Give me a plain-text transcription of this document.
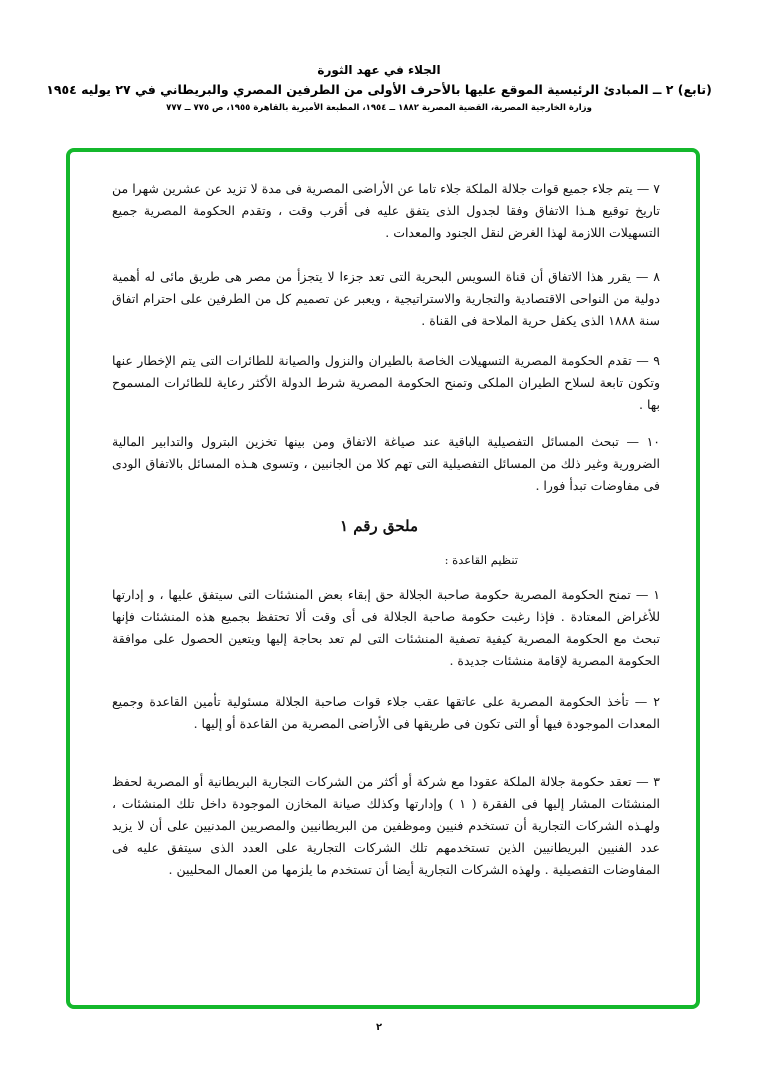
الجلاء في عهد الثورة
(تابع) ٢ ــ المبادئ الرئيسية الموقع عليها بالأحرف الأولى من الطرفين المصري والبريطاني في ٢٧ يوليه ١٩٥٤
وزارة الخارجية المصرية، القضية المصرية ١٨٨٢ ــ ١٩٥٤، المطبعة الأميرية بالقاهرة ١٩٥٥، ص ٧٧٥ ــ ٧٧٧
٧ — يتم جلاء جميع قوات جلالة الملكة جلاء تاما عن الأراضى المصرية فى مدة لا تزيد عن عشرين شهرا من تاريخ توقيع هـذا الاتفاق وفقا لجدول الذى يتفق عليه فى أقرب وقت ، وتقدم الحكومة المصرية جميع التسهيلات اللازمة لهذا الغرض لنقل الجنود والمعدات .
٨ — يقرر هذا الاتفاق أن قناة السويس البحرية التى تعد جزءا لا يتجزأ من مصر هى طريق مائى له أهمية دولية من النواحى الاقتصادية والتجارية والاستراتيجية ، ويعبر عن تصميم كل من الطرفين على احترام اتفاق سنة ١٨٨٨ الذى يكفل حرية الملاحة فى القناة .
٩ — تقدم الحكومة المصرية التسهيلات الخاصة بالطيران والنزول والصيانة للطائرات التى يتم الإخطار عنها وتكون تابعة لسلاح الطيران الملكى وتمنح الحكومة المصرية شرط الدولة الأكثر رعاية للطائرات المسموح بها .
١٠ — تبحث المسائل التفصيلية الباقية عند صياغة الاتفاق ومن بينها تخزين البترول والتدابير المالية الضرورية وغير ذلك من المسائل التفصيلية التى تهم كلا من الجانبين ، وتسوى هـذه المسائل بالاتفاق الودى فى مفاوضات تبدأ فورا .
ملحق رقم ١
تنظيم القاعدة :
١ — تمنح الحكومة المصرية حكومة صاحبة الجلالة حق إبقاء بعض المنشئات التى سيتفق عليها ، و إدارتها للأغراض المعتادة . فإذا رغبت حكومة صاحبة الجلالة فى أى وقت ألا تحتفظ بجميع هذه المنشئات فإنها تبحث مع الحكومة المصرية كيفية تصفية المنشئات التى لم تعد بحاجة إليها ويتعين الحصول على موافقة الحكومة المصرية لإقامة منشئات جديدة .
٢ — تأخذ الحكومة المصرية على عاتقها عقب جلاء قوات صاحبة الجلالة مسئولية تأمين القاعدة وجميع المعدات الموجودة فيها أو التى تكون فى طريقها فى الأراضى المصرية من القاعدة أو إليها .
٣ — تعقد حكومة جلالة الملكة عقودا مع شركة أو أكثر من الشركات التجارية البريطانية أو المصرية لحفظ المنشئات المشار إليها فى الفقرة ( ١ ) وإدارتها وكذلك صيانة المخازن الموجودة داخل تلك المنشئات ، ولهـذه الشركات التجارية أن تستخدم فنيين وموظفين من البريطانيين والمصريين المدنيين على أن لا يزيد عدد الفنيين البريطانيين الذين تستخدمهم تلك الشركات التجارية على العدد الذى سيتفق عليه فى المفاوضات التفصيلية . ولهذه الشركات التجارية أيضا أن تستخدم ما يلزمها من العمال المحليين .
٢
